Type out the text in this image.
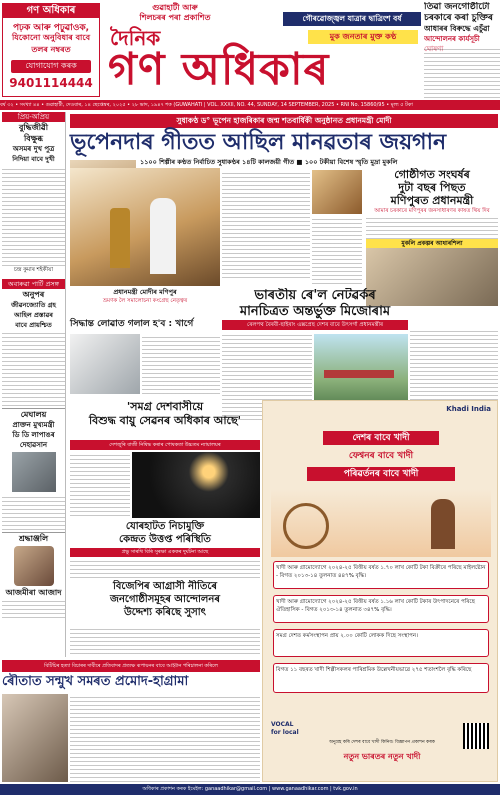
গণ অধিকাৰ
পঢ়ক আৰু পঢ়ুৱাওক,
যিকোনো অনুবিধাৰ বাবে
তলৰ নম্বৰত
যোগাযোগ কৰক
9401114444
গুৱাহাটী আৰু
শিলচৰৰ পৰা প্ৰকাশিত	গৌৰৱোজ্জ্বল যাত্ৰাৰ দ্বাত্ৰিংশ বৰ্ষ
দৈনিক	মুক জনতাৰ মুক্ত কণ্ঠ
গণ অধিকাৰ
তিৱা জনগোষ্ঠীটো
চৰকাৰে কৰা চুক্তিৰ
আধাৰৰ বিৰুদ্ধে এচুঁৱা
আন্দোলনৰ কাৰ্যসূচী
বৰ্ষ ৩২ • সংখ্যা ৪৪ • গুৱাহাটী, দেওবাৰ, ১৪ ছেপ্তেম্বৰ, ২০২৫ • ২৮ ভাদ, ১৯৪৭ শক (GUWAHATI | VOL. XXXII, NO. 44, SUNDAY, 14 SEPTEMBER, 2025 • RNI No. 15860/95 • মূল্য ৫ টকা
প্ৰিয়-অপ্ৰিয়
বুদ্ধিজীৱী
বিক্ষুব্ধ
অসমৰ দুখ পুত্ৰ
নিদিয়া বাবে দুখী
চন্দ্ৰ কুমাৰ শইকীয়া
অবাৰুৱা পাৰ্টি প্ৰসঙ্গ
অনুপৰ
জীৱনজ্যোতি গ্ৰহ
আহিল প্ৰস্তাৱৰ
বাবে প্ৰায়শ্চিত
মেঘালয়
প্ৰাক্তন মুখ্যমন্ত্ৰী
ডি ডি লাপাঙৰ
দেহাৱসান
শ্ৰদ্ধাঞ্জলি
আজমীৰা আজাদ
সুধাকণ্ঠ ড° ভূপেন হাজৰিকাৰ জন্ম শতবাৰ্ষিকী অনুষ্ঠানত প্ৰধানমন্ত্ৰী মোদী
ভূপেনদাৰ গীতত আছিল মানৱতাৰ জয়গান
১১০০ শিল্পীৰ কণ্ঠত নিৰ্বাচিত সুধাকণ্ঠৰ ১৪টি কালজয়ী গীত ■ ১০০ টকীয়া বিশেষ স্মৃতি মুদ্ৰা মুকলি
প্ৰধানমন্ত্ৰী মোদীৰ মণিপুৰ
ভ্ৰমণক লৈ সমালোচনা কংগ্ৰেছ নেতৃত্বৰ
গোষ্ঠীগত সংঘৰ্ষৰ
দুটা বছৰ পিছত
মণিপুৰত প্ৰধানমন্ত্ৰী
আমাৰ চৰকাৰে মণিপুৰৰ জনসাধাৰণৰ কাষত থিয় দিব
মুকলি প্ৰকল্পৰ আধাৰশিলা
ভাৰতীয় ৰে'ল নেটৱৰ্কৰ
মানচিত্ৰত অন্তৰ্ভুক্ত মিজোৰাম
ৰেলপথ বৈৰবী-ছাইৰাং এক্সপ্ৰেছ দেশৰ বাবে উৎসৰ্গা প্ৰধানমন্ত্ৰীৰ
সিদ্ধান্ত লোৱাত গলাল হ'ব : খাৰ্গে
'সমগ্ৰ দেশবাসীয়ে
বিশুদ্ধ বায়ু সেৱনৰ অধিকাৰ আছে'
দেশজুৰি বাজী নিষিদ্ধ কৰাৰ পোষকতা উচ্চতম ন্যায়ালয়ৰ
যোৰহাটত নিচামুক্তি
কেন্দ্ৰত উত্তপ্ত পৰিস্থিতি
প্ৰভু সাৰথি বিৰি সুৰক্ষা এককৰ দুৰ্ঘটনা আছে
বিজেপিৰ আগ্ৰাসী নীতিৰে
জনগোষ্ঠীসমূহৰ আন্দোলনৰ
উদ্দেশ্য কৰিছে সুসাৎ
Khadi India
দেশৰ বাবে খাদী
ফেশ্বনৰ বাবে খাদী
পৰিৱৰ্তনৰ বাবে খাদী
খাদী আৰু গ্ৰামোদ্যোগে ২০২৪-২৫ বিত্তীয় বৰ্ষত ১.৭০ লাখ কোটি টকা বিক্ৰীৰে পৰিছে মাইলষ্টোন - বিগত ২০১৩-১৪ তুলনাত ৪৪৭% বৃদ্ধি।
খাদী আৰু গ্ৰামোদ্যোগে ২০২৪-২৫ বিত্তীয় বৰ্ষত ১.১৬ লাখ কোটি টকাৰ উৎপাদনেৰে পৰিছে ঐতিহাসিক - বিগত ২০১৩-১৪ তুলনাত ৩৪৭% বৃদ্ধি।
সমগ্ৰ দেশত কৰ্মসংস্থাপন প্ৰায় ২.০০ কোটি লোকক দিছে সংস্থাপন।
বিগত ১১ বছৰত খাদী শিল্পীসকলৰ পাৰিশ্ৰমিক উল্লেখনীয়ভাৱে ২৭৫ শতাংশলৈ বৃদ্ধি কৰিছে
VOCAL for local
অনুগ্ৰহ কৰি দেশৰ বাবে খাদী কিনিব। বিজ্ঞাপন প্ৰকাশন কৰক
নতুন ভাৰতৰ নতুন খাদী
বিটিচিৰ হত্যা বিচাৰৰ দাবীৰে প্ৰতিবাদৰ প্ৰত্যক্ষ ৰূপায়নৰ বাবে আহ্বান পৰিচালনা কৰিলে
ৰৌতাত সন্মুখ সমৰত প্ৰমোদ-হাগ্ৰামা
অধিকাৰ প্ৰকাশন কৰক ইমেইল: ganaadhikar@gmail.com | www.ganaadhikar.com | tvk.gov.in
